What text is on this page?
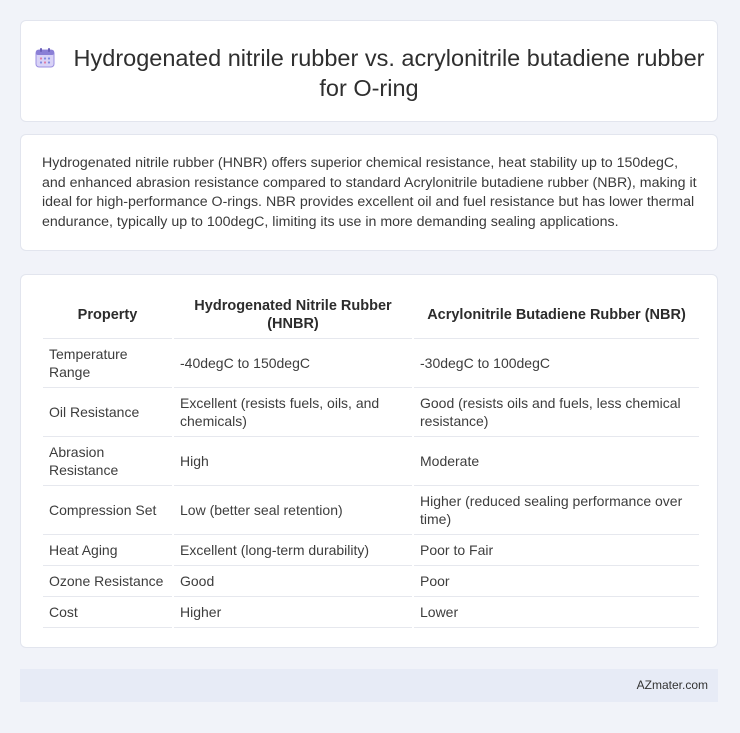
Hydrogenated nitrile rubber vs. acrylonitrile butadiene rubber for O-ring
Hydrogenated nitrile rubber (HNBR) offers superior chemical resistance, heat stability up to 150degC, and enhanced abrasion resistance compared to standard Acrylonitrile butadiene rubber (NBR), making it ideal for high-performance O-rings. NBR provides excellent oil and fuel resistance but has lower thermal endurance, typically up to 100degC, limiting its use in more demanding sealing applications.
Property	Hydrogenated Nitrile Rubber (HNBR)	Acrylonitrile Butadiene Rubber (NBR)
Temperature Range	-40degC to 150degC	-30degC to 100degC
Oil Resistance	Excellent (resists fuels, oils, and chemicals)	Good (resists oils and fuels, less chemical resistance)
Abrasion Resistance	High	Moderate
Compression Set	Low (better seal retention)	Higher (reduced sealing performance over time)
Heat Aging	Excellent (long-term durability)	Poor to Fair
Ozone Resistance	Good	Poor
Cost	Higher	Lower
AZmater.com
